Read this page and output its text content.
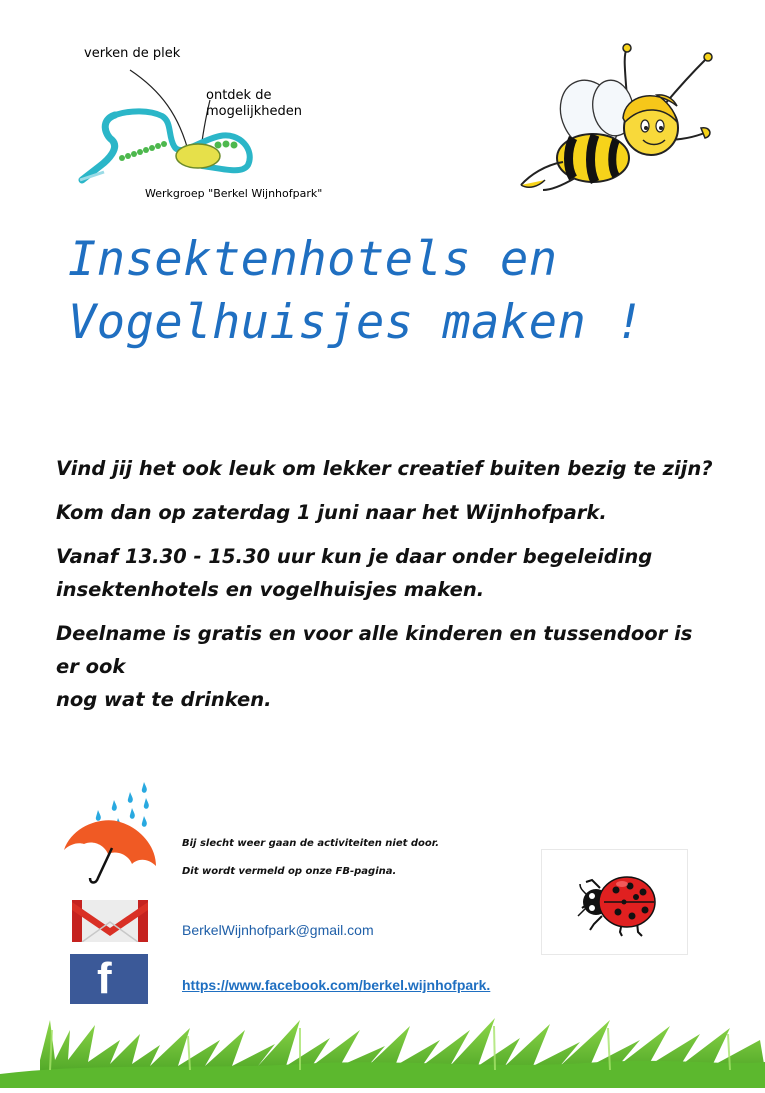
verken de plek
ontdek de
mogelijkheden
Werkgroep "Berkel Wijnhofpark"
Insektenhotels en
Vogelhuisjes maken !

Vind jij het ook leuk om lekker creatief buiten bezig te zijn?

Kom dan op zaterdag 1 juni naar het Wijnhofpark.

Vanaf 13.30 - 15.30 uur kun je daar onder begeleiding
insektenhotels en vogelhuisjes maken.

Deelname is gratis en voor alle kinderen en tussendoor is er ook
nog wat te drinken.

Bij slecht weer gaan de activiteiten niet door.
Dit wordt vermeld op onze FB-pagina.
BerkelWijnhofpark@gmail.com
f	https://www.facebook.com/berkel.wijnhofpark.
